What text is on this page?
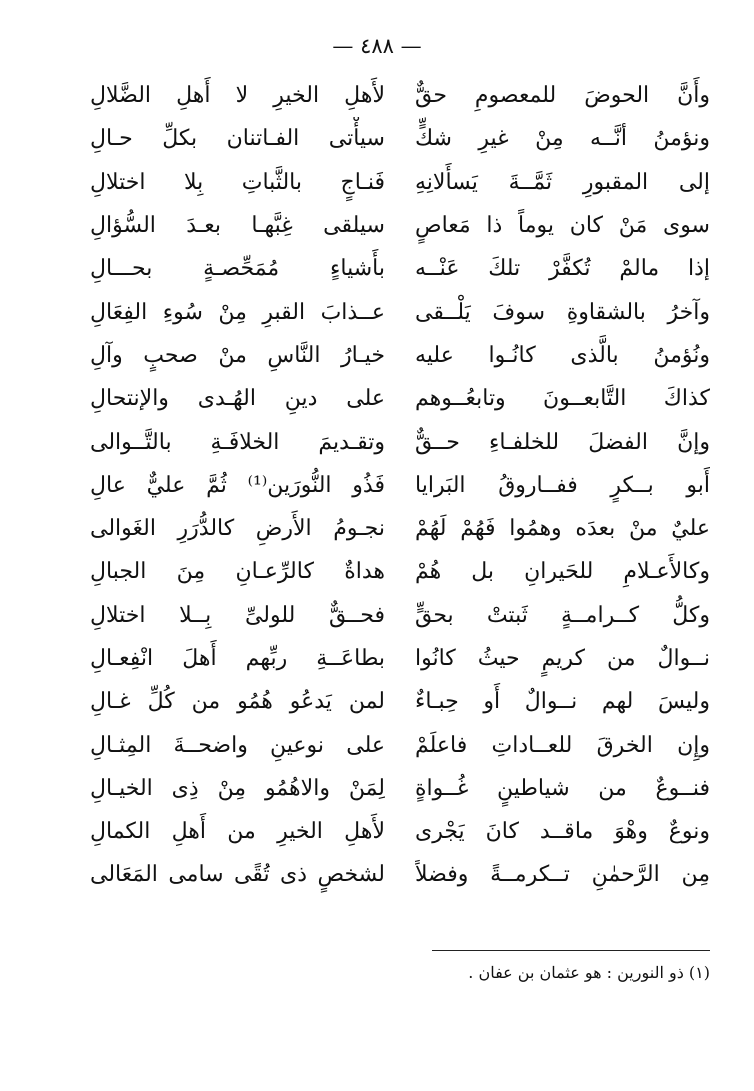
— ٤٨٨ —
وأَنَّ الحوضَ للمعصومِ حقٌّ
لأَهلِ الخيرِ لا أَهلِ الضَّلالِ
ونؤمنُ أنَّــه مِنْ غيرِ شكٍّ
سيأْتى الفـاتنان بكلِّ حـالِ
إلى المقبورِ ثَمَّــةَ يَسأَلانِهِ
فَنـاجٍ بالثَّباتِ بِلا اختلالِ
سوى مَنْ كان يوماً ذا مَعاصٍ
سيلقى غِبَّهـا بعـدَ السُّؤالِ
إذا مالمْ تُكفَّرْ تلكَ عَنْــه
بأَشياءٍ مُمَحِّصـةٍ بحـــالِ
وآخرُ بالشقاوةِ سوفَ يَلْــقى
عــذابَ القبرِ مِنْ سُوءِ الفِعَالِ
ونُؤمنُ بالَّذى كانُـوا عليه
خيـارُ النَّاسِ منْ صحبٍ وآلِ
كذاكَ التَّابعــونَ وتابعُــوهم
على دينِ الهُـدى والإنتحالِ
وإنَّ الفضلَ للخلفـاءِ حــقٌّ
وتقـديمَ الخلافَـةِ بالتَّــوالى
أَبو بــكرٍ ففــاروقُ البَرايا
فَذُو النُّورَين⁽¹⁾ ثُمَّ عليٌّ عالِ
عليٌ منْ بعدَه وهمُوا فَهُمْ لَهُمْ
نجـومُ الأَرضِ كالدُّرَرِ الغَوالى
وكالأَعـلامِ للحَيرانِ بل هُمْ
هداةٌ كالرِّعـانِ مِنَ الجبالِ
وكلُّ كــرامــةٍ ثَبتتْ بحقٍّ
فحــقٌّ للولىِّ بِــلا اختلالِ
نــوالٌ من كريمٍ حيثُ كانُوا
بطاعَــةِ ربِّهم أَهلَ انْفِعـالِ
وليسَ لهم نــوالٌ أَو حِبـاءٌ
لمن يَدعُو هُمُو من كُلِّ غـالِ
وإِن الخرقَ للعــاداتِ فاعلَمْ
على نوعينِ واضحــةَ المِثـالِ
فنــوعٌ من شياطينٍ غُــواةٍ
لِمَنْ والاهُمُو مِنْ ذِى الخيـالِ
ونوعٌ وهْوَ ماقــد كانَ يَجْرى
لأَهلِ الخيرِ من أَهلِ الكمالِ
مِن الرَّحمٰنِ تــكرمــةً وفضلاً
لشخصٍ ذى تُقًى سامى المَعَالى
(١) ذو النورين : هو عثمان بن عفان .
